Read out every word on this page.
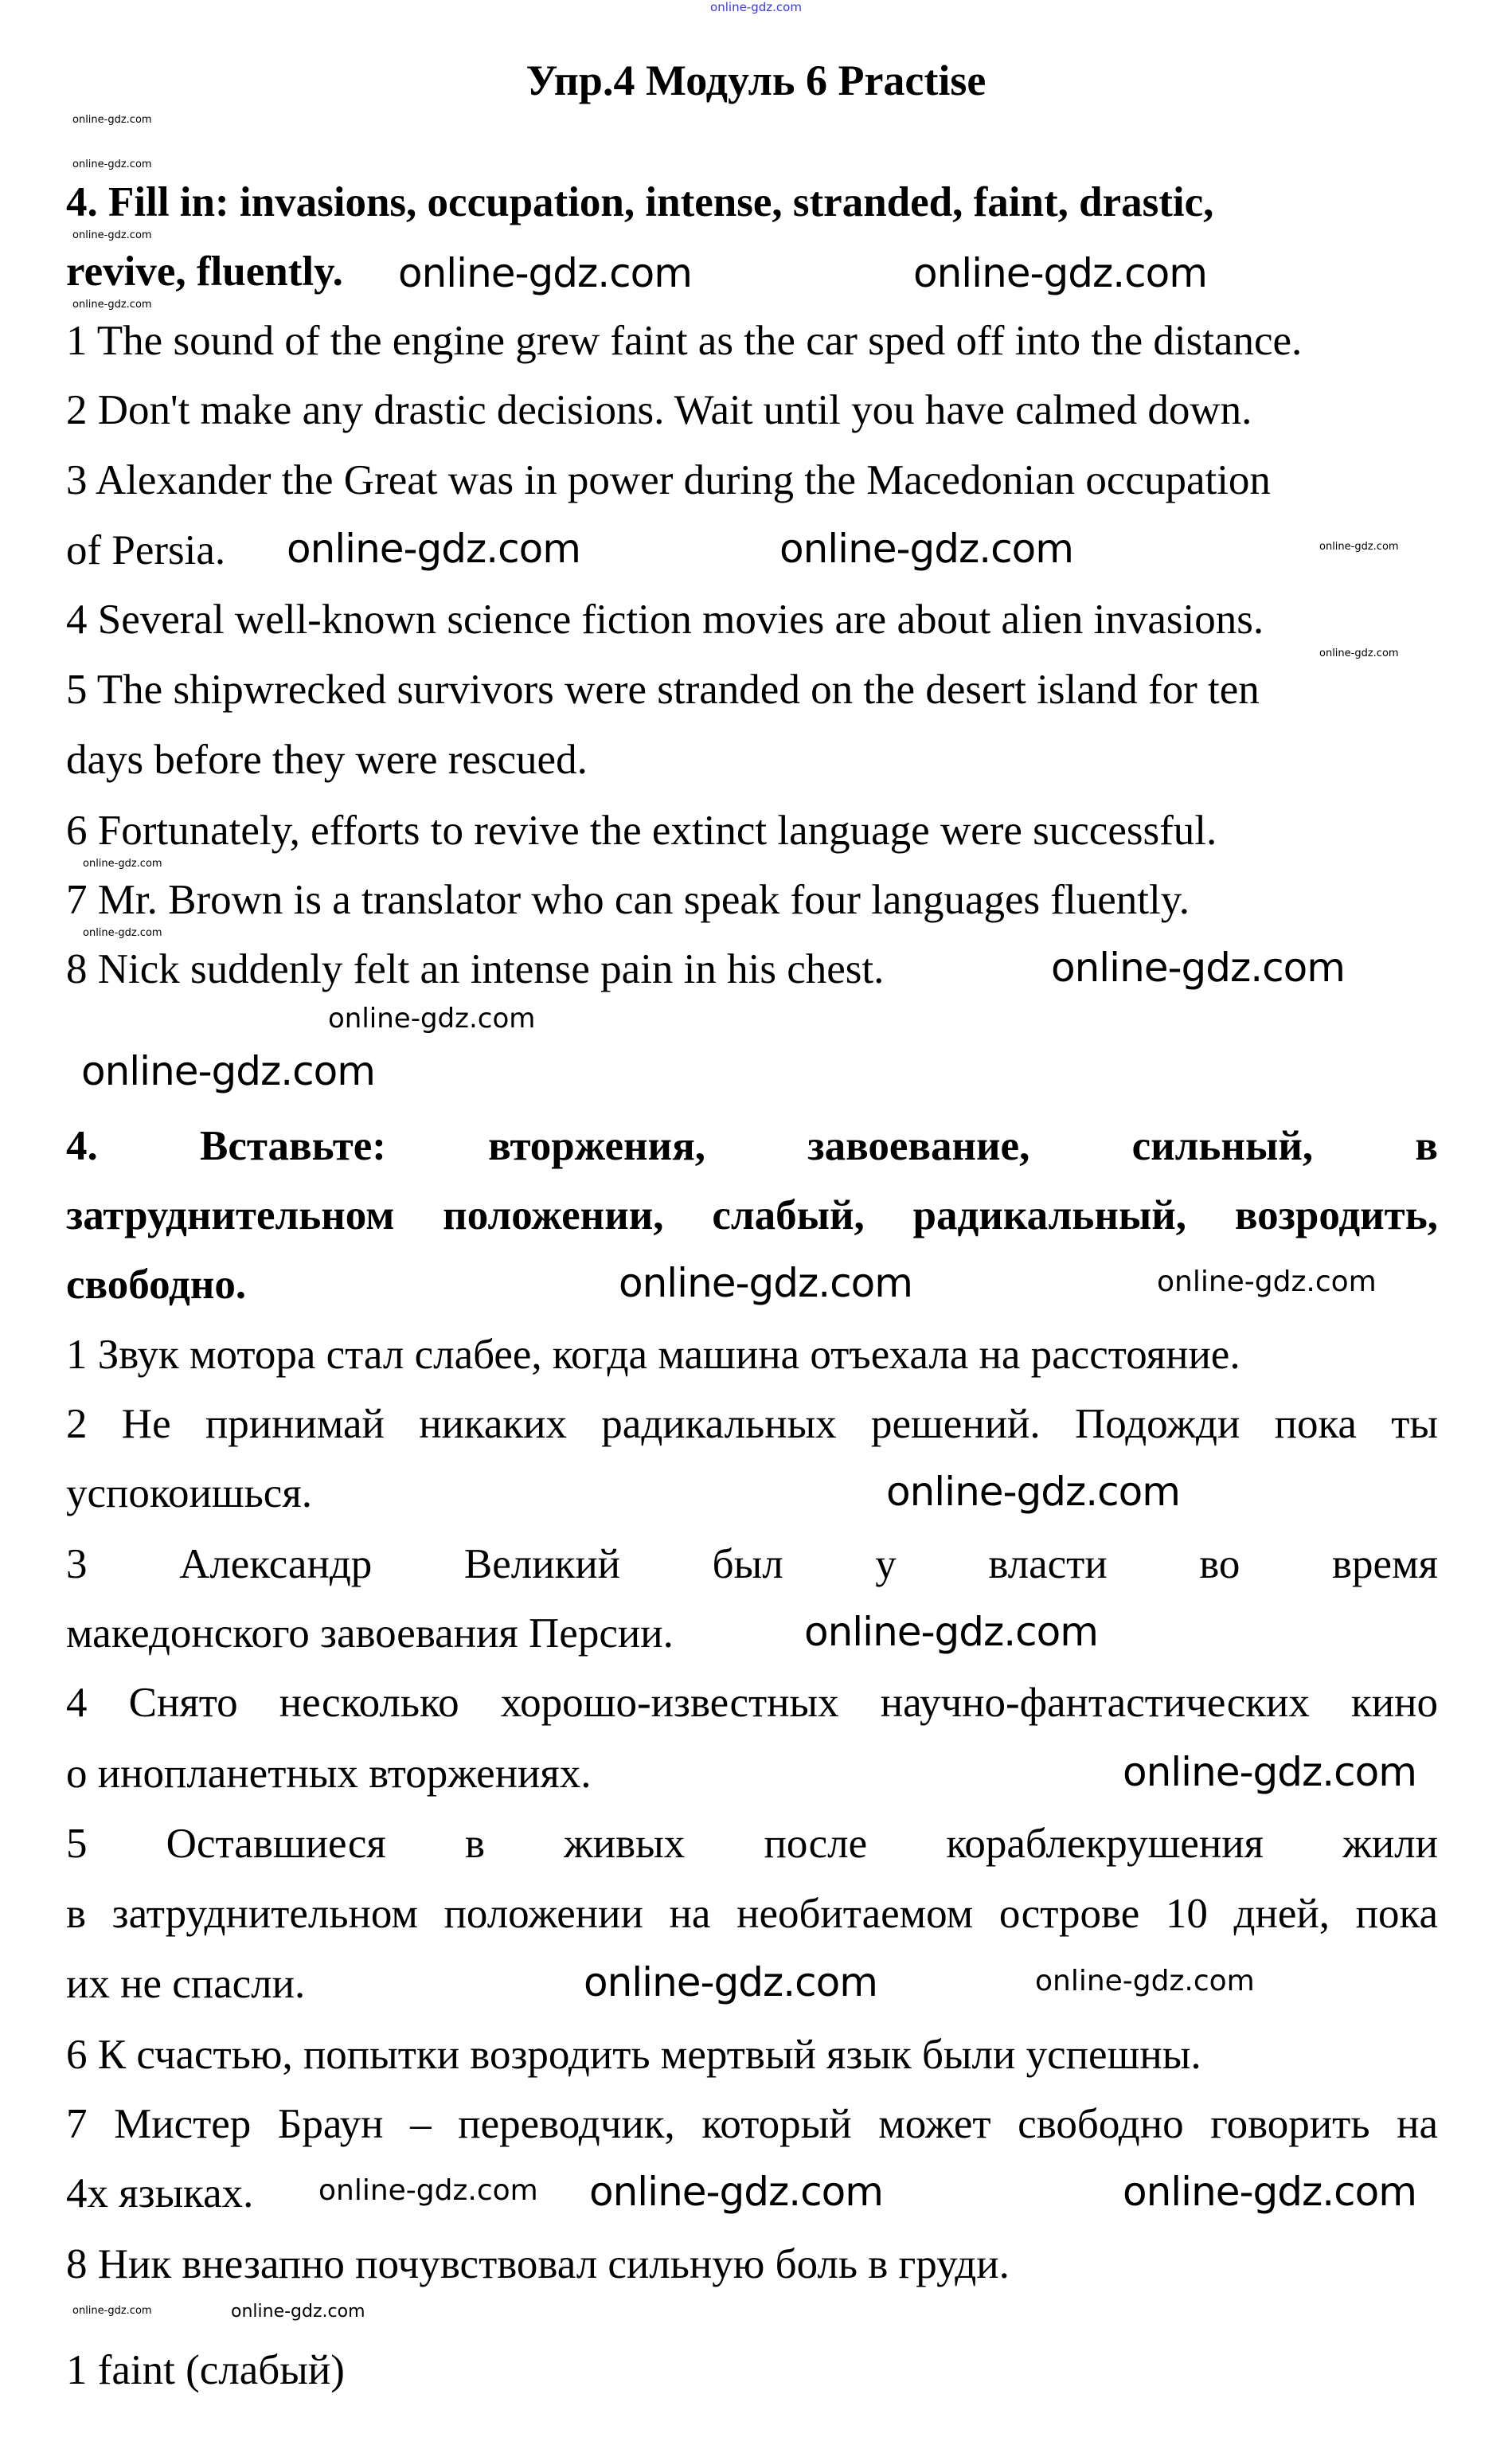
online-gdz.com
Упр.4 Модуль 6 Practise
4. Fill in: invasions, occupation, intense, stranded, faint, drastic,
revive, fluently.
1 The sound of the engine grew faint as the car sped off into the distance.
2 Don't make any drastic decisions. Wait until you have calmed down.
3 Alexander the Great was in power during the Macedonian occupation
of Persia.
4 Several well-known science fiction movies are about alien invasions.
5 The shipwrecked survivors were stranded on the desert island for ten
days before they were rescued.
6 Fortunately, efforts to revive the extinct language were successful.
7 Mr. Brown is a translator who can speak four languages fluently.
8 Nick suddenly felt an intense pain in his chest.
4. Вставьте: вторжения, завоевание, сильный, в
затруднительном положении, слабый, радикальный, возродить,
свободно.
1 Звук мотора стал слабее, когда машина отъехала на расстояние.
2 Не принимай никаких радикальных решений. Подожди пока ты
успокоишься.
3 Александр Великий был у власти во время
македонского завоевания Персии.
4 Снято несколько хорошо-известных научно-фантастических кино
о инопланетных вторжениях.
5 Оставшиеся в живых после кораблекрушения жили
в затруднительном положении на необитаемом острове 10 дней, пока
их не спасли.
6 К счастью, попытки возродить мертвый язык были успешны.
7 Мистер Браун – переводчик, который может свободно говорить на
4х языках.
8 Ник внезапно почувствовал сильную боль в груди.
1 faint (слабый)
online-gdz.com
online-gdz.com
online-gdz.com
online-gdz.com
online-gdz.com
online-gdz.com
online-gdz.com
online-gdz.com
online-gdz.com	online-gdz.com
online-gdz.com
online-gdz.com
online-gdz.com
online-gdz.com
online-gdz.com	online-gdz.com
online-gdz.com	online-gdz.com
online-gdz.com
online-gdz.com
online-gdz.com
online-gdz.com
online-gdz.com
online-gdz.com
online-gdz.com
online-gdz.com
online-gdz.com
